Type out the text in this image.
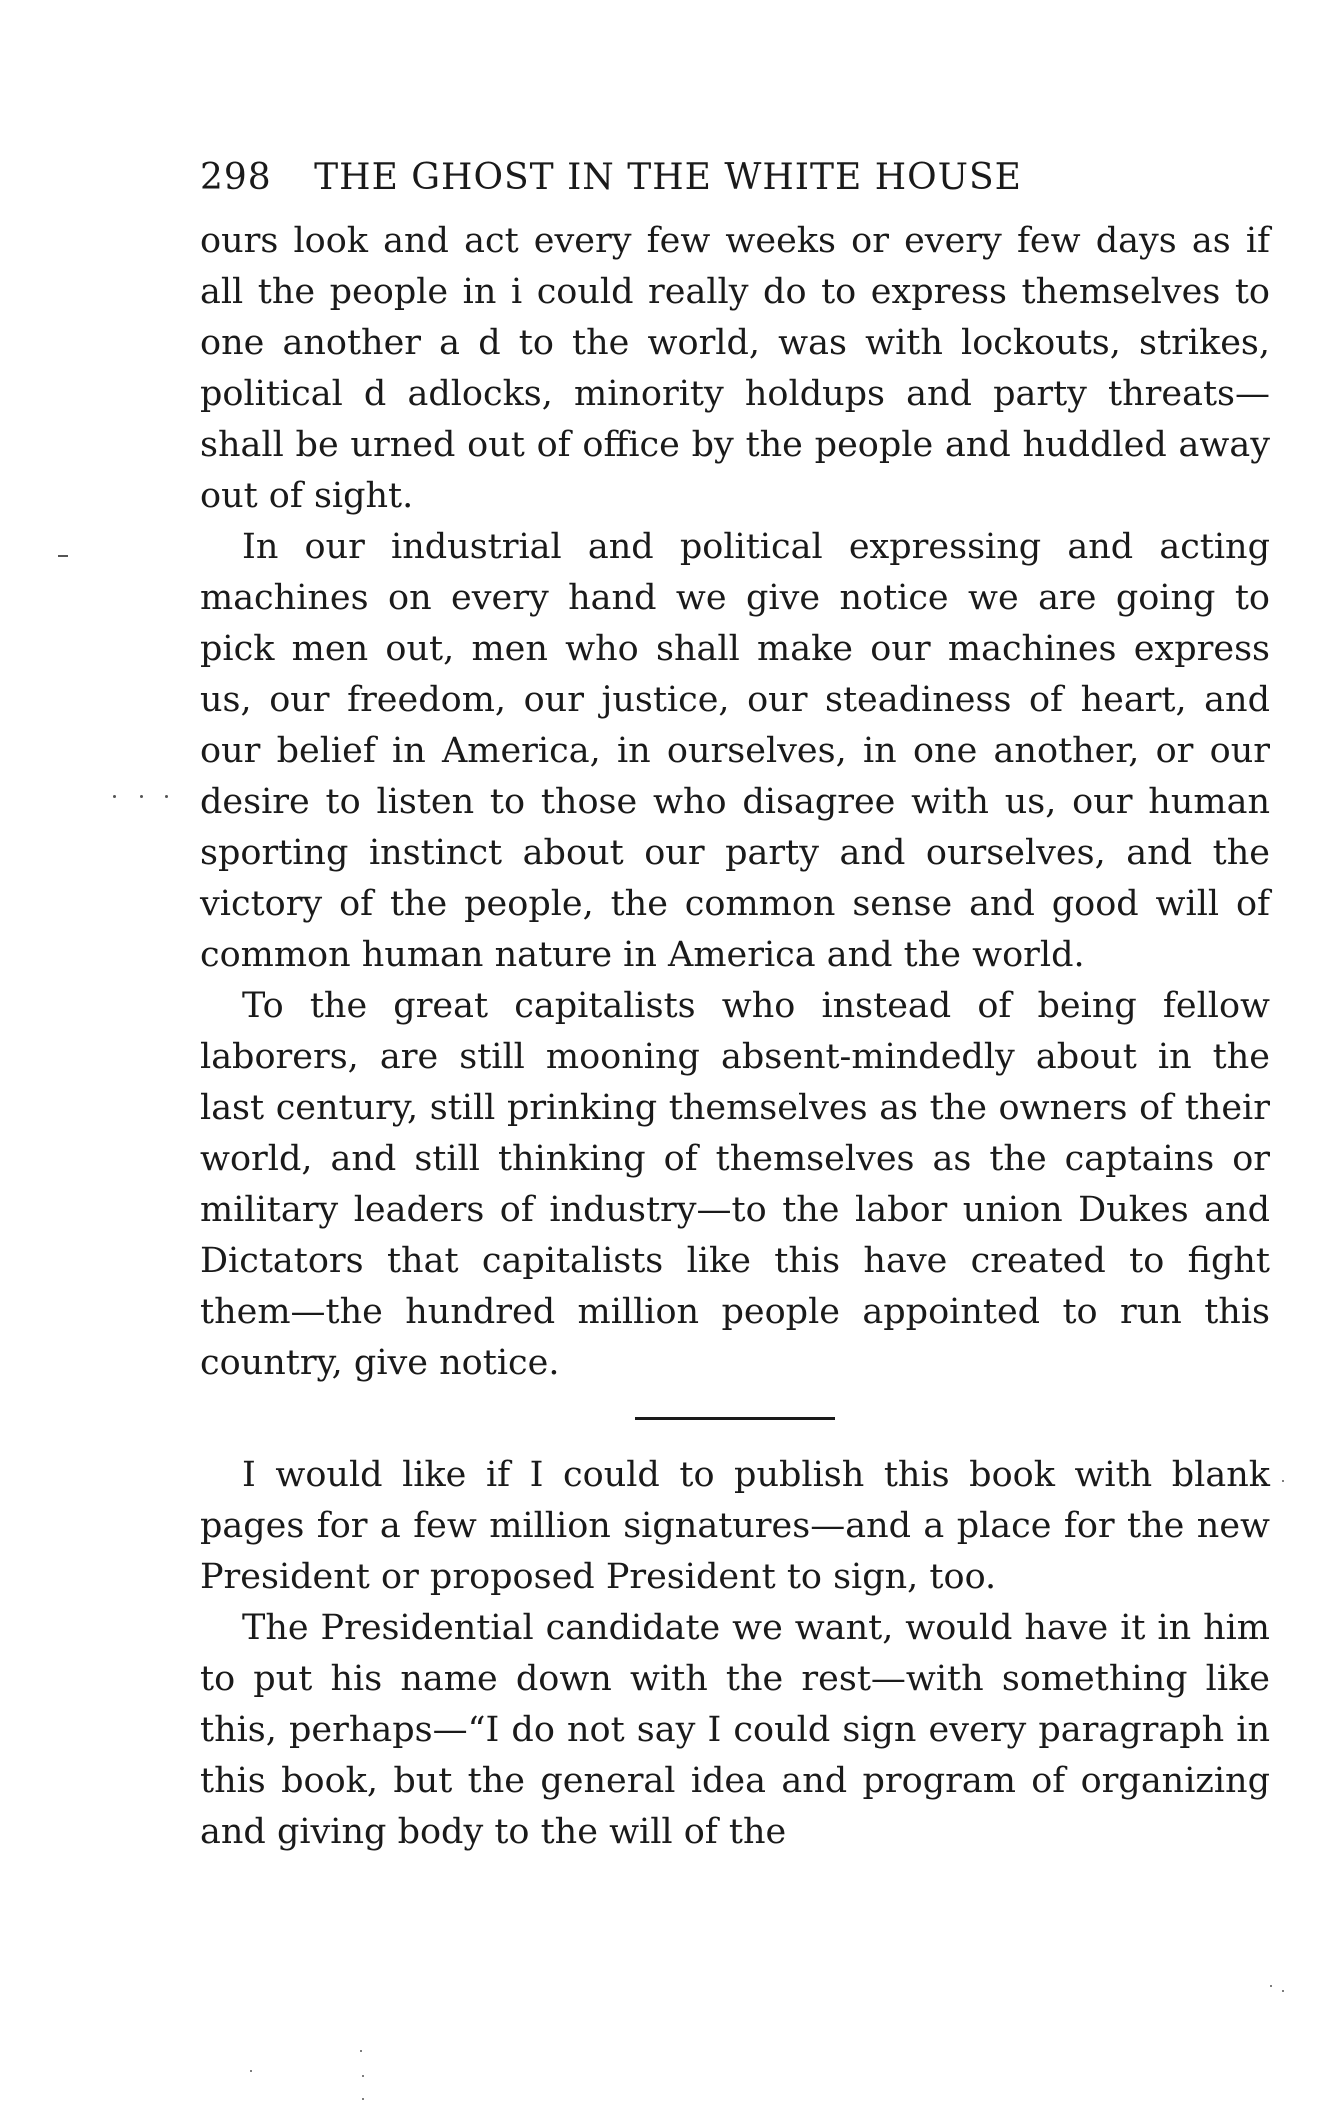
298 THE GHOST IN THE WHITE HOUSE

ours look and act every few weeks or every few days as if all the people in i could really do to express themselves to one another a d to the world, was with lockouts, strikes, political d adlocks, minority holdups and party threats—shall be urned out of office by the people and huddled away out of sight.

In our industrial and political expressing and acting machines on every hand we give notice we are going to pick men out, men who shall make our machines express us, our freedom, our justice, our steadiness of heart, and our belief in America, in ourselves, in one another, or our desire to listen to those who disagree with us, our human sporting instinct about our party and ourselves, and the victory of the people, the common sense and good will of common human nature in America and the world.

To the great capitalists who instead of being fellow laborers, are still mooning absent-mindedly about in the last century, still prinking themselves as the owners of their world, and still thinking of themselves as the captains or military leaders of industry—to the labor union Dukes and Dictators that capitalists like this have created to fight them—the hundred million people appointed to run this country, give notice.

I would like if I could to publish this book with blank pages for a few million signatures—and a place for the new President or proposed President to sign, too.

The Presidential candidate we want, would have it in him to put his name down with the rest—with something like this, perhaps—“I do not say I could sign every paragraph in this book, but the general idea and program of organizing and giving body to the will of the
